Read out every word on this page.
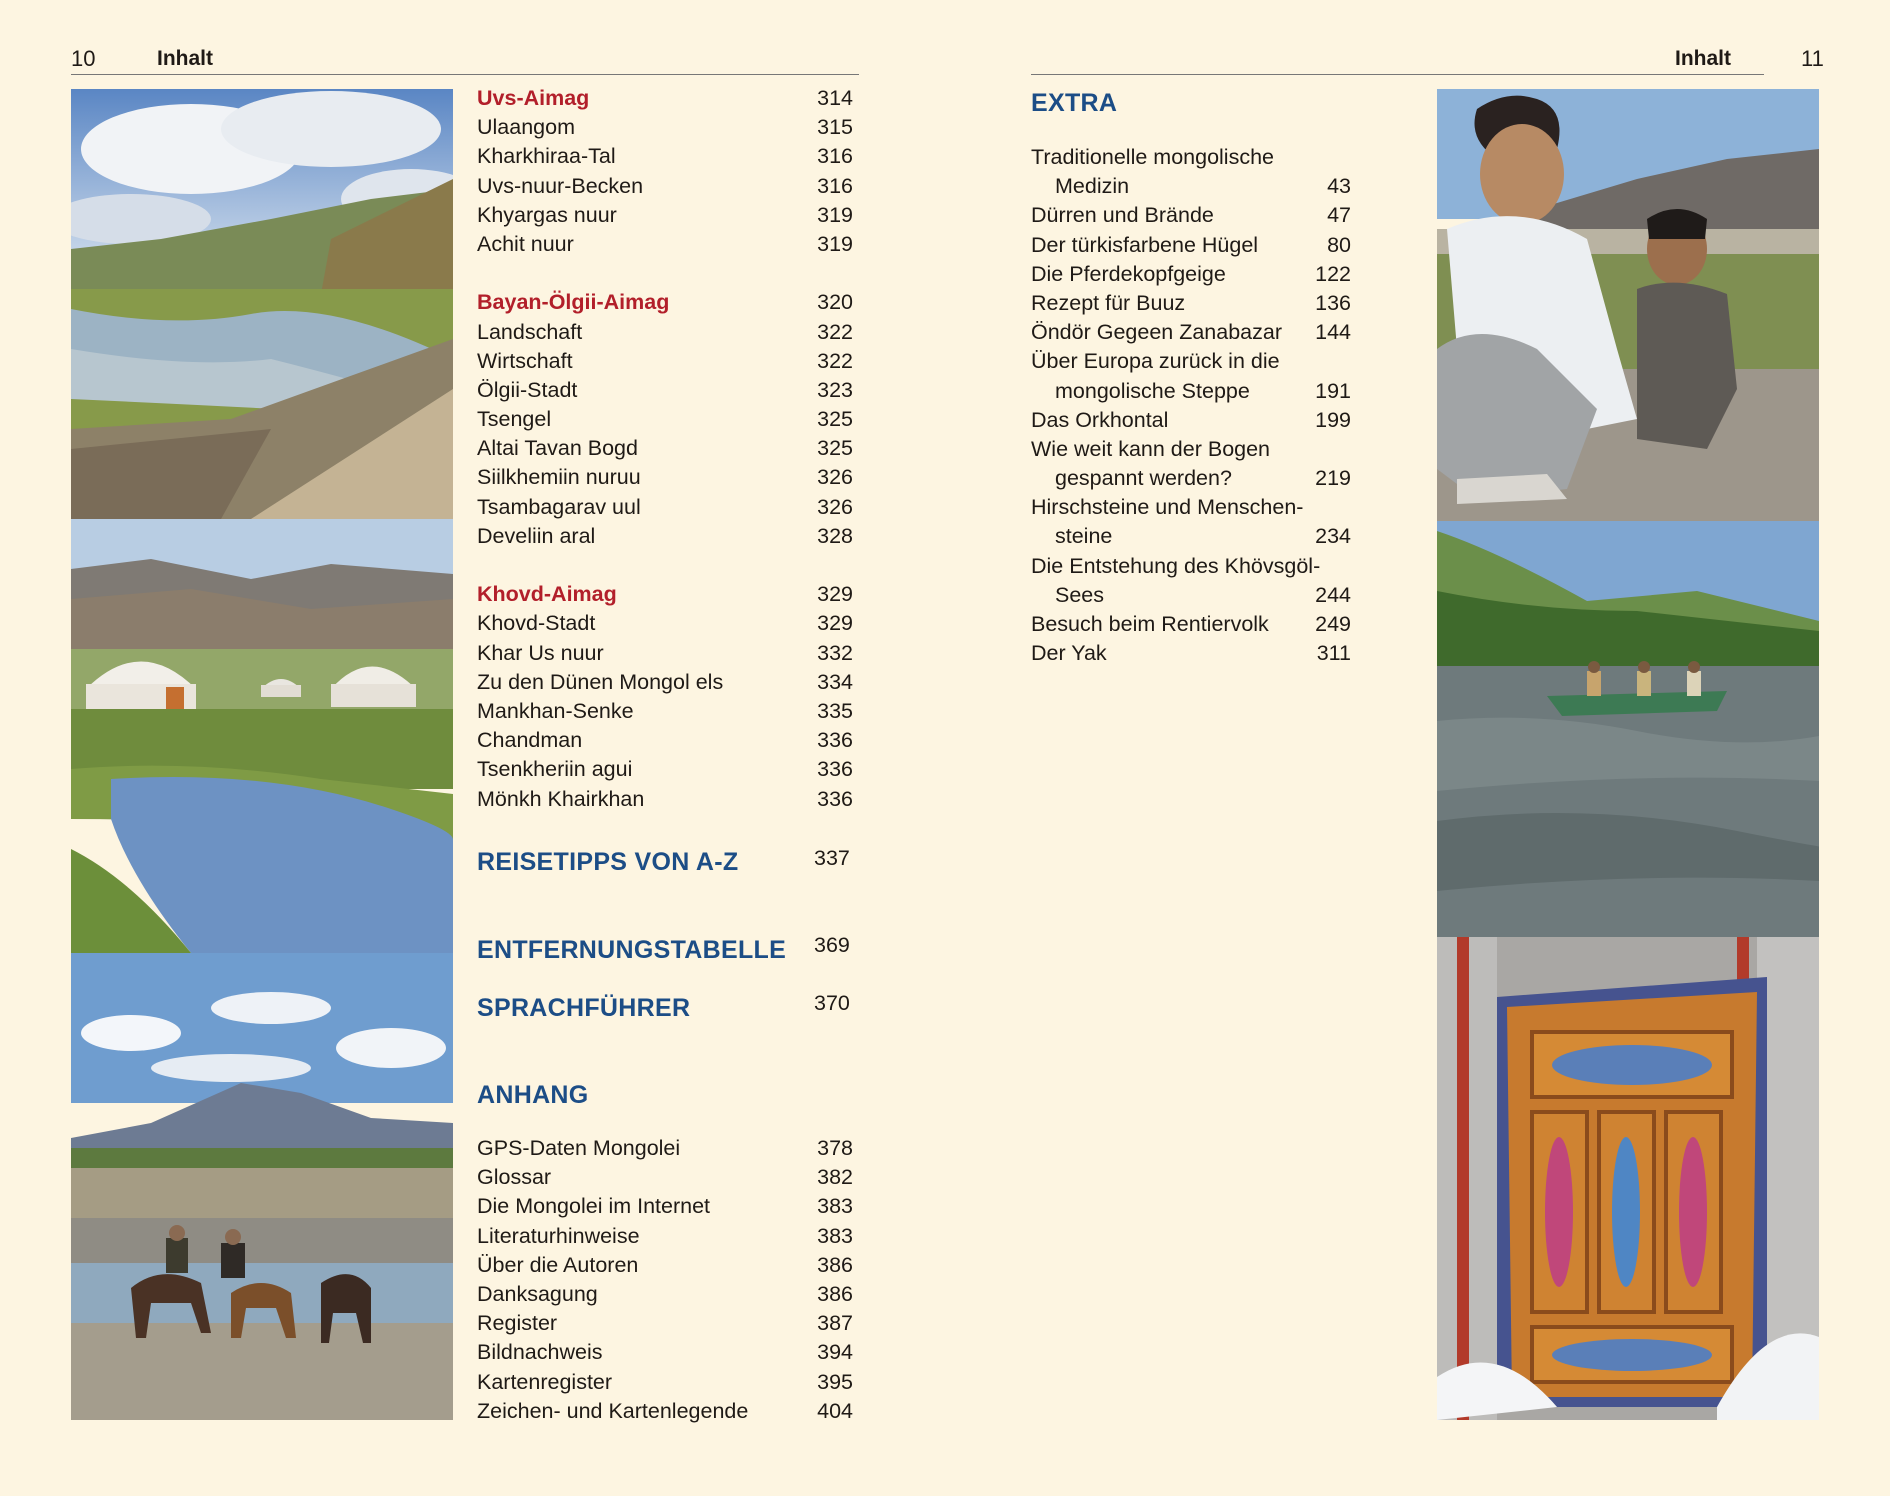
10	Inhalt
Uvs-Aimag	314
Ulaangom	315
Kharkhiraa-Tal	316
Uvs-nuur-Becken	316
Khyargas nuur	319
Achit nuur	319
Bayan-Ölgii-Aimag	320
Landschaft	322
Wirtschaft	322
Ölgii-Stadt	323
Tsengel	325
Altai Tavan Bogd	325
Siilkhemiin nuruu	326
Tsambagarav uul	326
Develiin aral	328
Khovd-Aimag	329
Khovd-Stadt	329
Khar Us nuur	332
Zu den Dünen Mongol els	334
Mankhan-Senke	335
Chandman	336
Tsenkheriin agui	336
Mönkh Khairkhan	336
REISETIPPS VON A-Z	337
ENTFERNUNGSTABELLE 369
SPRACHFÜHRER	370
ANHANG
GPS-Daten Mongolei	378
Glossar	382
Die Mongolei im Internet	383
Literaturhinweise	383
Über die Autoren	386
Danksagung	386
Register	387
Bildnachweis	394
Kartenregister	395
Zeichen- und Kartenlegende	404
Inhalt	11
EXTRA
Traditionelle mongolische
Medizin	43
Dürren und Brände	47
Der türkisfarbene Hügel	80
Die Pferdekopfgeige	122
Rezept für Buuz	136
Öndör Gegeen Zanabazar 144
Über Europa zurück in die
mongolische Steppe	191
Das Orkhontal	199
Wie weit kann der Bogen
gespannt werden?	219
Hirschsteine und Menschen-
steine	234
Die Entstehung des Khövsgöl-
Sees	244
Besuch beim Rentiervolk 249
Der Yak	311
